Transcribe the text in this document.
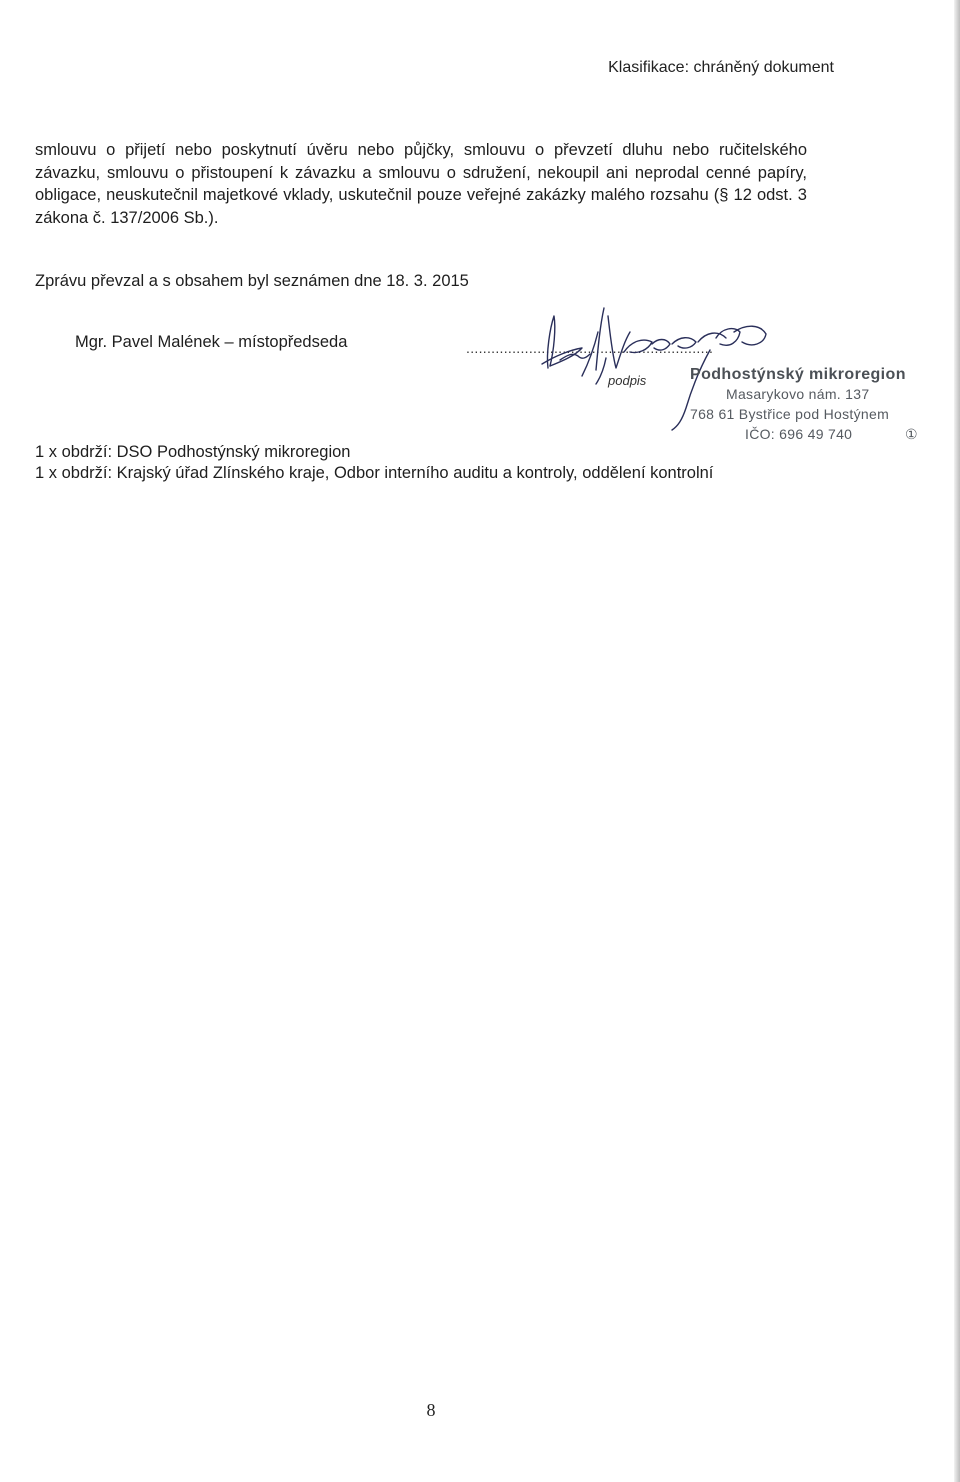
Klasifikace: chráněný dokument

smlouvu o přijetí nebo poskytnutí úvěru nebo půjčky, smlouvu o převzetí dluhu nebo ručitelského závazku, smlouvu o přistoupení k závazku a smlouvu o sdružení, nekoupil ani neprodal cenné papíry, obligace, neuskutečnil majetkové vklady, uskutečnil pouze veřejné zakázky malého rozsahu (§ 12 odst. 3 zákona č. 137/2006 Sb.).

Zprávu převzal a s obsahem byl seznámen dne 18. 3. 2015
Mgr. Pavel Malének – místopředseda	...........................................................
podpis	Podhostýnský mikroregion
Masarykovo nám. 137
768 61 Bystřice pod Hostýnem
IČO: 696 49 740	①
1 x obdrží: DSO Podhostýnský mikroregion
1 x obdrží: Krajský úřad Zlínského kraje, Odbor interního auditu a kontroly, oddělení kontrolní
8
